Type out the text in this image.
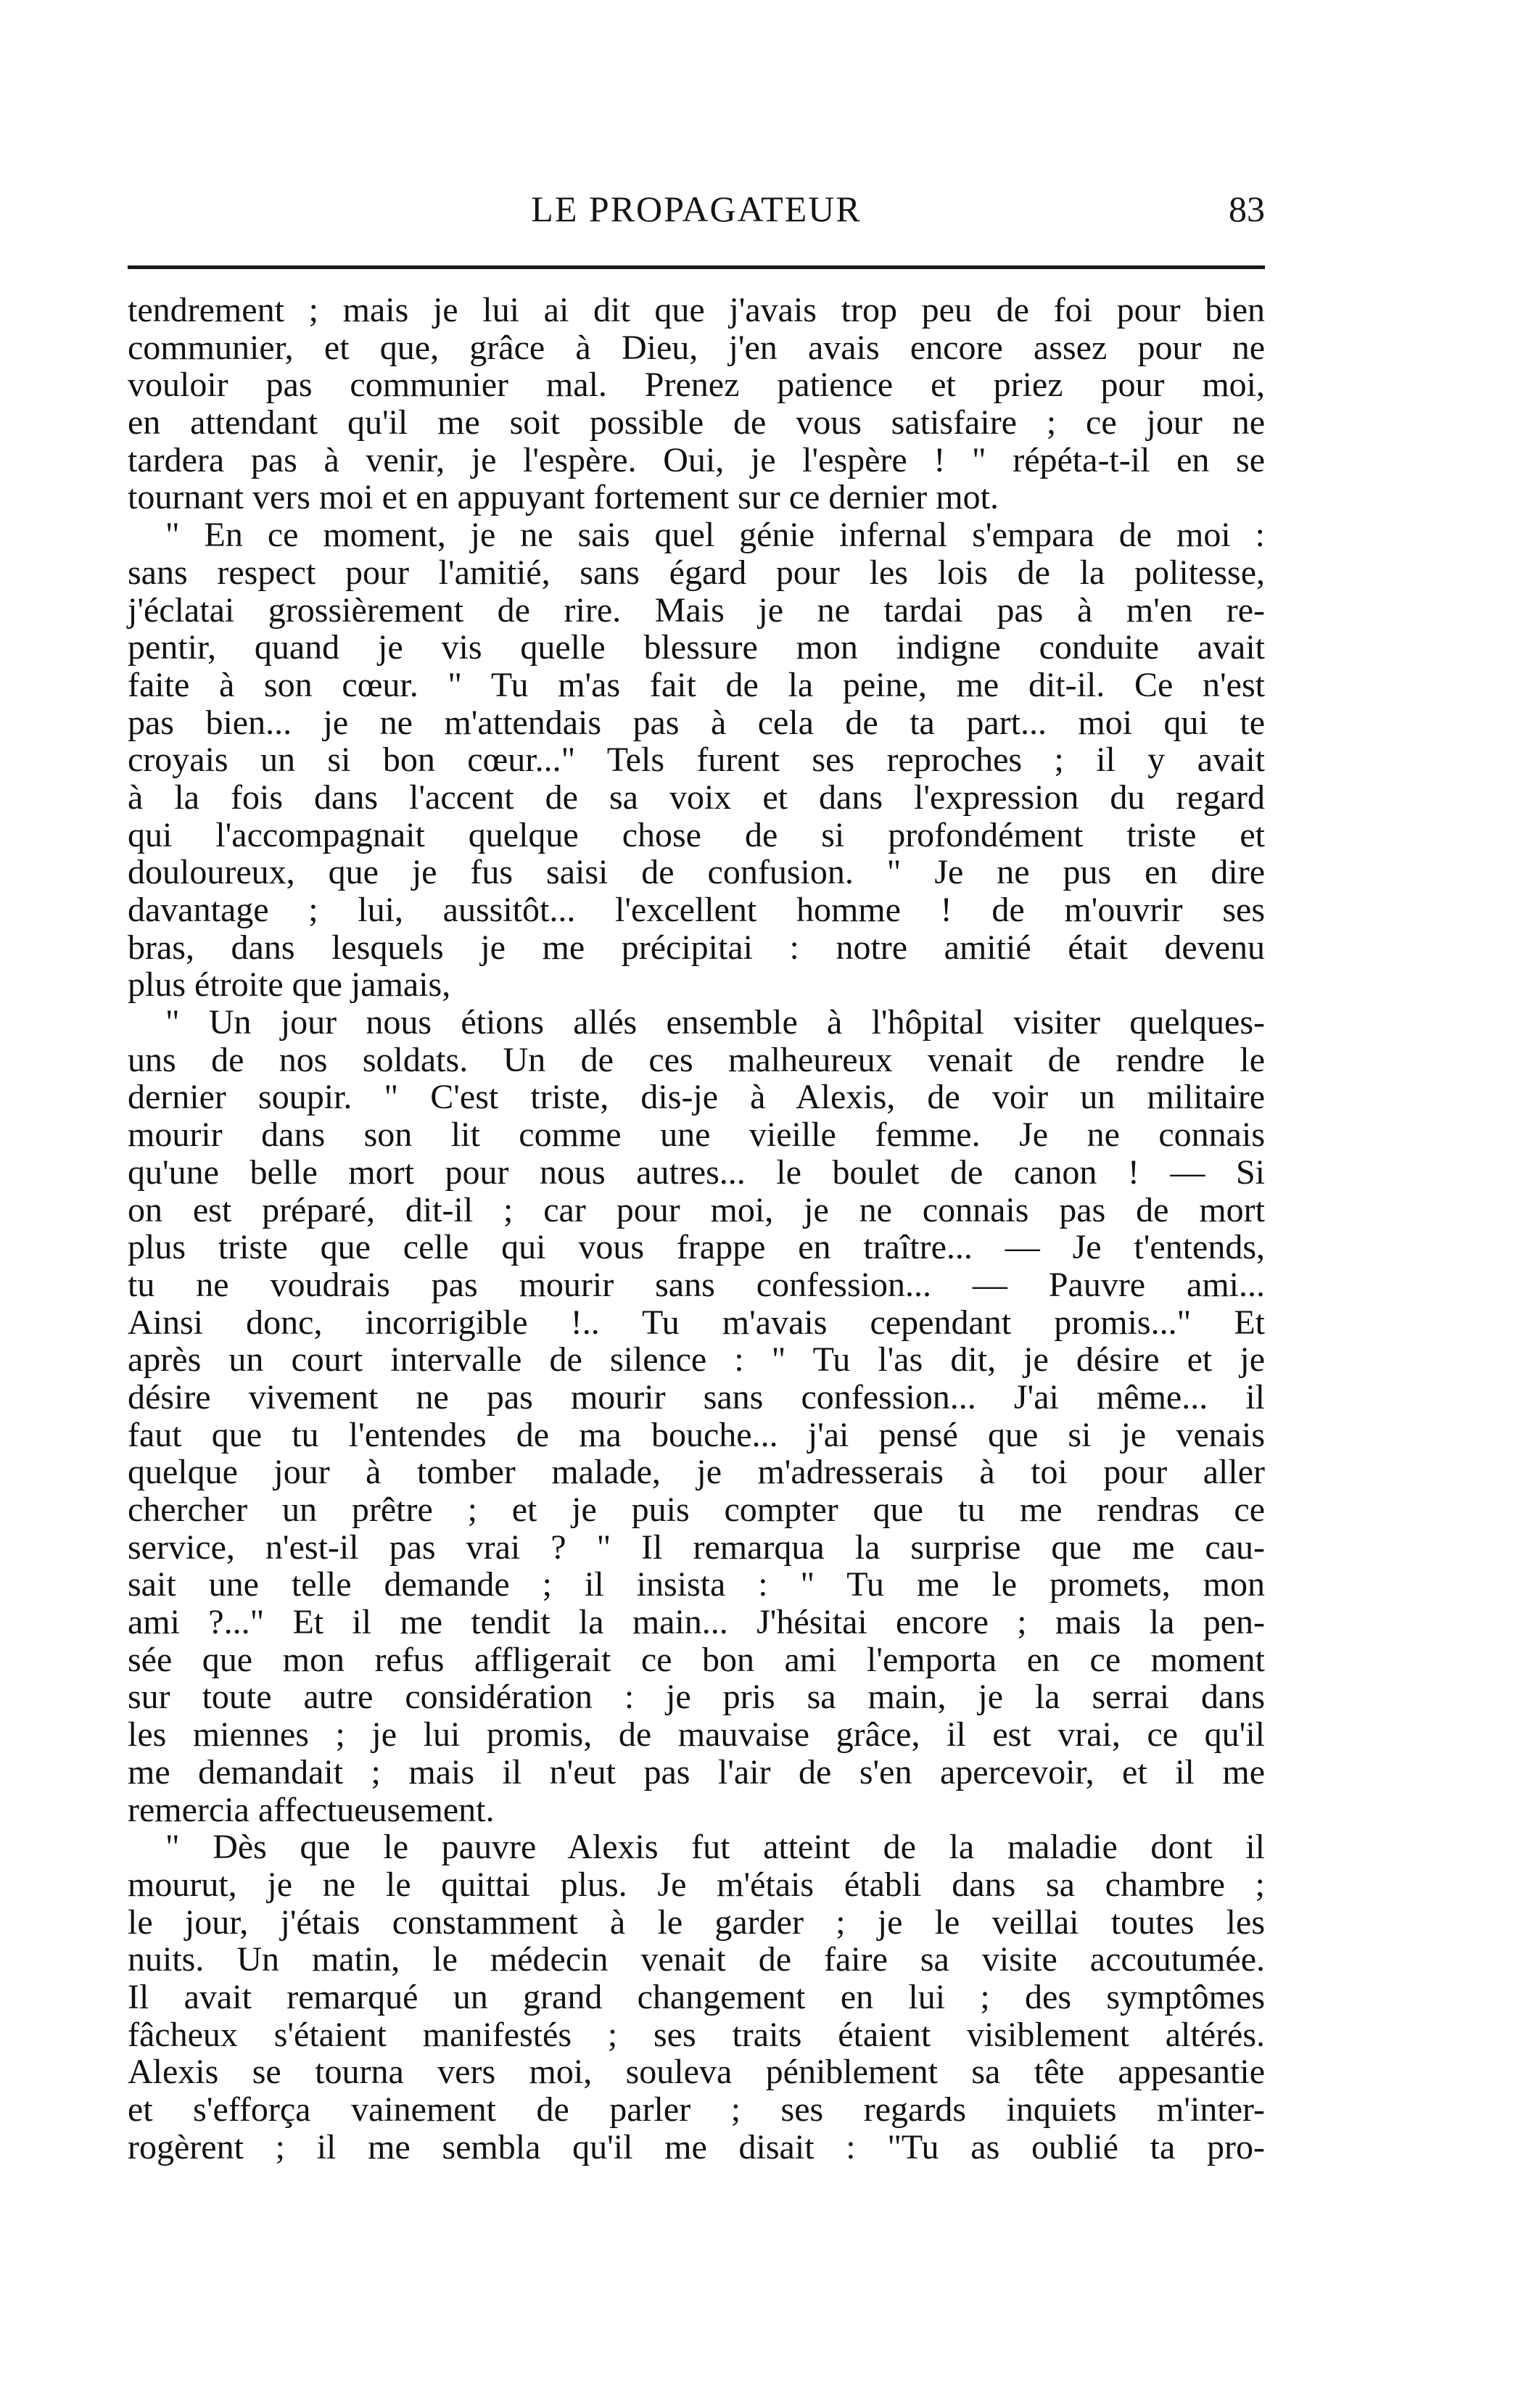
LE PROPAGATEUR	83
tendrement ; mais je lui ai dit que j'avais trop peu de foi pour bien
communier, et que, grâce à Dieu, j'en avais encore assez pour ne
vouloir pas communier mal. Prenez patience et priez pour moi,
en attendant qu'il me soit possible de vous satisfaire ; ce jour ne
tardera pas à venir, je l'espère. Oui, je l'espère ! " répéta-t-il en se
tournant vers moi et en appuyant fortement sur ce dernier mot.
" En ce moment, je ne sais quel génie infernal s'empara de moi :
sans respect pour l'amitié, sans égard pour les lois de la politesse,
j'éclatai grossièrement de rire. Mais je ne tardai pas à m'en re-
pentir, quand je vis quelle blessure mon indigne conduite avait
faite à son cœur. " Tu m'as fait de la peine, me dit-il. Ce n'est
pas bien... je ne m'attendais pas à cela de ta part... moi qui te
croyais un si bon cœur..." Tels furent ses reproches ; il y avait
à la fois dans l'accent de sa voix et dans l'expression du regard
qui l'accompagnait quelque chose de si profondément triste et
douloureux, que je fus saisi de confusion. " Je ne pus en dire
davantage ; lui, aussitôt... l'excellent homme ! de m'ouvrir ses
bras, dans lesquels je me précipitai : notre amitié était devenu
plus étroite que jamais,
" Un jour nous étions allés ensemble à l'hôpital visiter quelques-
uns de nos soldats. Un de ces malheureux venait de rendre le
dernier soupir. " C'est triste, dis-je à Alexis, de voir un militaire
mourir dans son lit comme une vieille femme. Je ne connais
qu'une belle mort pour nous autres... le boulet de canon ! — Si
on est préparé, dit-il ; car pour moi, je ne connais pas de mort
plus triste que celle qui vous frappe en traître... — Je t'entends,
tu ne voudrais pas mourir sans confession... — Pauvre ami...
Ainsi donc, incorrigible !.. Tu m'avais cependant promis..." Et
après un court intervalle de silence : " Tu l'as dit, je désire et je
désire vivement ne pas mourir sans confession... J'ai même... il
faut que tu l'entendes de ma bouche... j'ai pensé que si je venais
quelque jour à tomber malade, je m'adresserais à toi pour aller
chercher un prêtre ; et je puis compter que tu me rendras ce
service, n'est-il pas vrai ? " Il remarqua la surprise que me cau-
sait une telle demande ; il insista : " Tu me le promets, mon
ami ?..." Et il me tendit la main... J'hésitai encore ; mais la pen-
sée que mon refus affligerait ce bon ami l'emporta en ce moment
sur toute autre considération : je pris sa main, je la serrai dans
les miennes ; je lui promis, de mauvaise grâce, il est vrai, ce qu'il
me demandait ; mais il n'eut pas l'air de s'en apercevoir, et il me
remercia affectueusement.
" Dès que le pauvre Alexis fut atteint de la maladie dont il
mourut, je ne le quittai plus. Je m'étais établi dans sa chambre ;
le jour, j'étais constamment à le garder ; je le veillai toutes les
nuits. Un matin, le médecin venait de faire sa visite accoutumée.
Il avait remarqué un grand changement en lui ; des symptômes
fâcheux s'étaient manifestés ; ses traits étaient visiblement altérés.
Alexis se tourna vers moi, souleva péniblement sa tête appesantie
et s'efforça vainement de parler ; ses regards inquiets m'inter-
rogèrent ; il me sembla qu'il me disait : "Tu as oublié ta pro-
